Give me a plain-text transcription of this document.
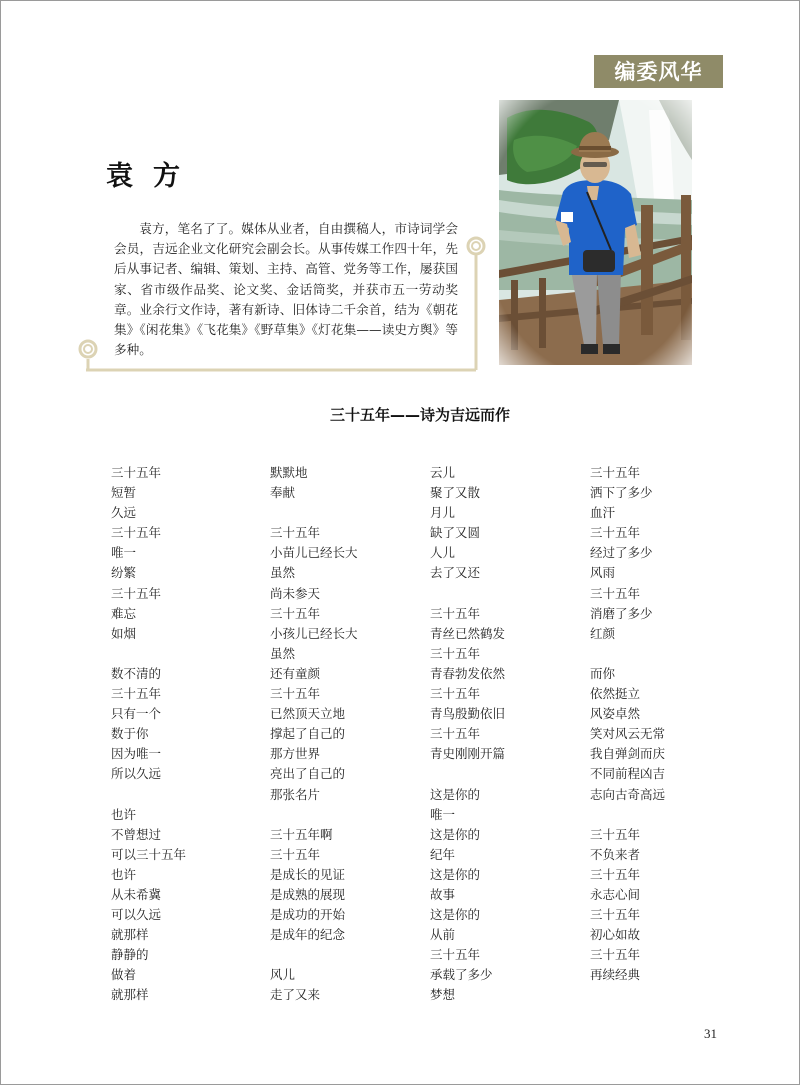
编委风华
袁方
袁方，笔名了了。媒体从业者，自由撰稿人，市诗词学会会员，吉远企业文化研究会副会长。从事传媒工作四十年，先后从事记者、编辑、策划、主持、高管、党务等工作，屡获国家、省市级作品奖、论文奖、金话筒奖，并获市五一劳动奖章。业余行文作诗，著有新诗、旧体诗二千余首，结为《朝花集》《闲花集》《飞花集》《野草集》《灯花集——读史方舆》等多种。
三十五年——诗为吉远而作
三十五年
短暂
久远
三十五年
唯一
纷繁
三十五年
难忘
如烟
数不清的
三十五年
只有一个
数于你
因为唯一
所以久远
也许
不曾想过
可以三十五年
也许
从未希冀
可以久远
就那样
静静的
做着
就那样
默默地
奉献
三十五年
小苗儿已经长大
虽然
尚未参天
三十五年
小孩儿已经长大
虽然
还有童颜
三十五年
已然顶天立地
撑起了自己的
那方世界
亮出了自己的
那张名片
三十五年啊
三十五年
是成长的见证
是成熟的展现
是成功的开始
是成年的纪念
风儿
走了又来
云儿
聚了又散
月儿
缺了又圆
人儿
去了又还
三十五年
青丝已然鹤发
三十五年
青春勃发依然
三十五年
青鸟殷勤依旧
三十五年
青史刚刚开篇
这是你的
唯一
这是你的
纪年
这是你的
故事
这是你的
从前
三十五年
承载了多少
梦想
三十五年
洒下了多少
血汗
三十五年
经过了多少
风雨
三十五年
消磨了多少
红颜
而你
依然挺立
风姿卓然
笑对风云无常
我自弹剑而庆
不同前程凶吉
志向古奇高远
三十五年
不负来者
三十五年
永志心间
三十五年
初心如故
三十五年
再续经典
31
